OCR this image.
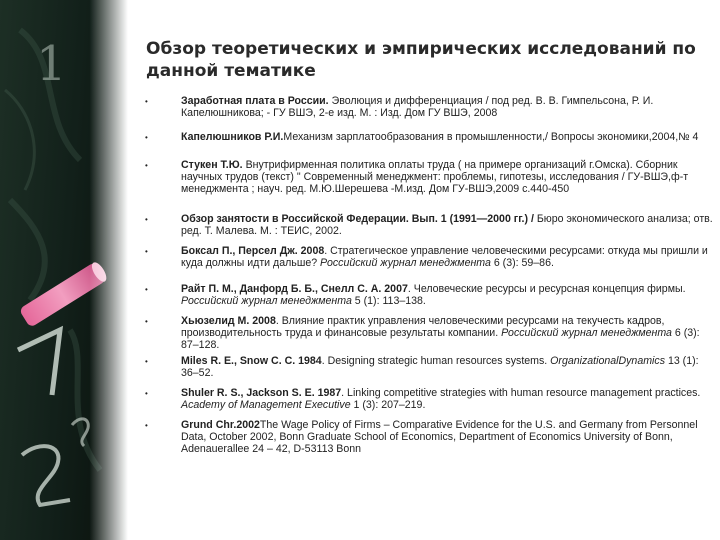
Обзор теоретических и эмпирических исследований по данной тематике
•	Заработная плата в России. Эволюция и дифференциация / под ред. В. В. Гимпельсона, Р. И. Капелюшникова; - ГУ ВШЭ, 2-е изд. М. : Изд. Дом ГУ ВШЭ, 2008
•	Капелюшников Р.И.Механизм зарплатообразования в промышленности,/ Вопросы экономики,2004,№ 4
•	Стукен Т.Ю. Внутрифирменная политика оплаты труда ( на примере организаций г.Омска). Сборник научных трудов (текст) " Современный менеджмент: проблемы, гипотезы, исследования / ГУ-ВШЭ,ф-т менеджмента ; науч. ред. М.Ю.Шерешева -М.изд. Дом ГУ-ВШЭ,2009 с.440-450
•	Обзор занятости в Российской Федерации. Вып. 1 (1991—2000 гг.) / Бюро экономического анализа; отв. ред. Т. Малева. М. : ТЕИС, 2002.
•	Боксал П., Персел Дж. 2008. Стратегическое управление человеческими ресурсами: откуда мы пришли и куда должны идти дальше? Российский журнал менеджмента 6 (3): 59–86.
•	Райт П. М., Данфорд Б. Б., Снелл С. А. 2007. Человеческие ресурсы и ресурсная концепция фирмы. Российский журнал менеджмента 5 (1): 113–138.
•	Хьюзелид М. 2008. Влияние практик управления человеческими ресурсами на текучесть кадров, производительность труда и финансовые результаты компании. Российский журнал менеджмента 6 (3): 87–128.
•	Miles R. E., Snow C. C. 1984. Designing strategic human resources systems. OrganizationalDynamics 13 (1): 36–52.
•	Shuler R. S., Jackson S. E. 1987. Linking competitive strategies with human resource management practices. Academy of Management Executive 1 (3): 207–219.
•	Grund Chr.2002The Wage Policy of Firms – Comparative Evidence for the U.S. and Germany from Personnel Data, October 2002, Bonn Graduate School of Economics, Department of Economics University of Bonn, Adenauerallee 24 – 42, D-53113 Bonn
